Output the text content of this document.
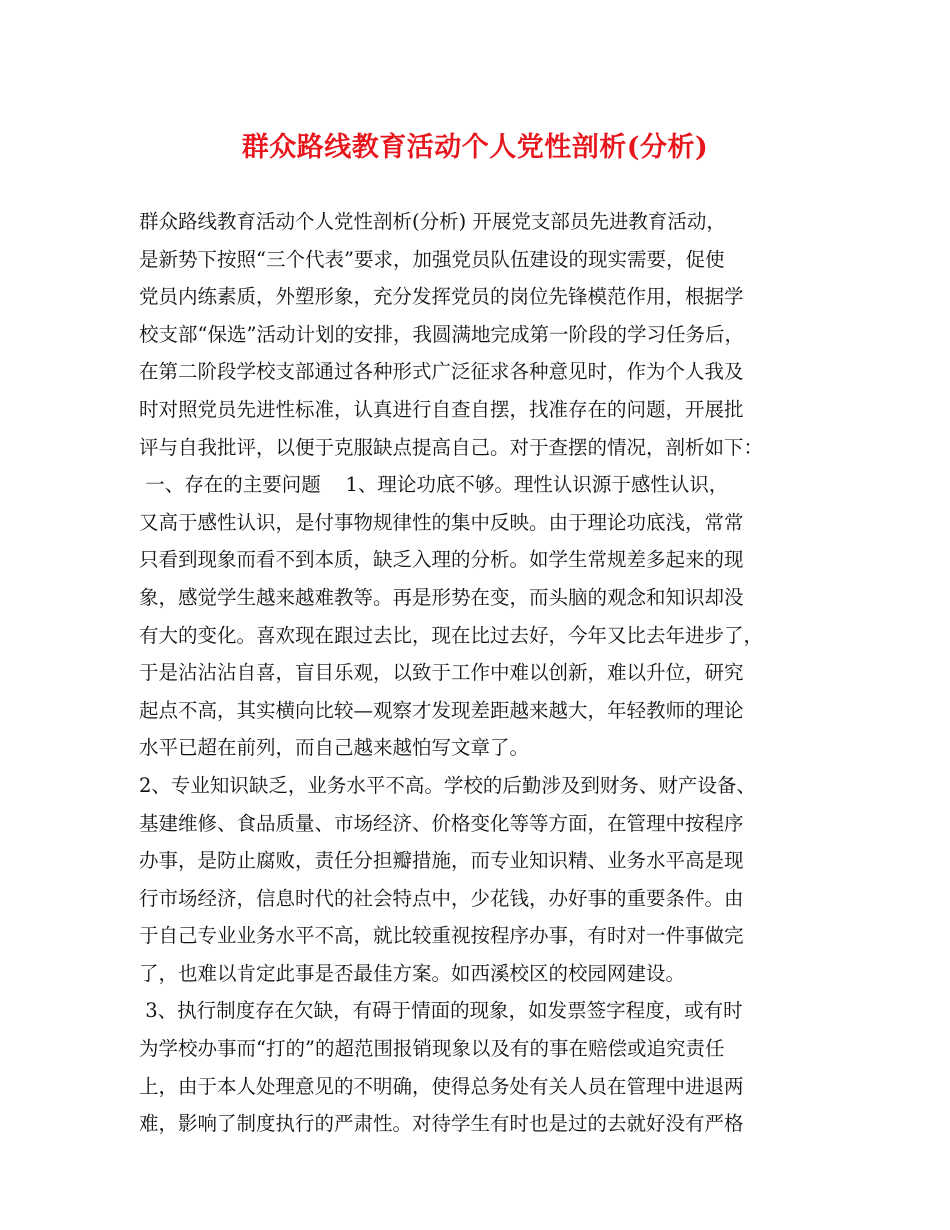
群众路线教育活动个人党性剖析(分析)
群众路线教育活动个人党性剖析(分析) 开展党支部员先进教育活动，
是新势下按照“三个代表”要求，加强党员队伍建设的现实需要，促使
党员内练素质，外塑形象，充分发挥党员的岗位先锋模范作用，根据学
校支部“保选”活动计划的安排，我圆满地完成第一阶段的学习任务后，
在第二阶段学校支部通过各种形式广泛征求各种意见时，作为个人我及
时对照党员先进性标准，认真进行自查自摆，找准存在的问题，开展批
评与自我批评，以便于克服缺点提高自己。对于查摆的情况，剖析如下：
一、存在的主要问题    1、理论功底不够。理性认识源于感性认识，
又高于感性认识，是付事物规律性的集中反映。由于理论功底浅，常常
只看到现象而看不到本质，缺乏入理的分析。如学生常规差多起来的现
象，感觉学生越来越难教等。再是形势在变，而头脑的观念和知识却没
有大的变化。喜欢现在跟过去比，现在比过去好，今年又比去年进步了，
于是沾沾沾自喜，盲目乐观，以致于工作中难以创新，难以升位，研究
起点不高，其实横向比较—观察才发现差距越来越大，年轻教师的理论
水平已超在前列，而自己越来越怕写文章了。
2、专业知识缺乏，业务水平不高。学校的后勤涉及到财务、财产设备、
基建维修、食品质量、市场经济、价格变化等等方面，在管理中按程序
办事，是防止腐败，责任分担瓣措施，而专业知识精、业务水平高是现
行市场经济，信息时代的社会特点中，少花钱，办好事的重要条件。由
于自己专业业务水平不高，就比较重视按程序办事，有时对一件事做完
了，也难以肯定此事是否最佳方案。如西溪校区的校园网建设。
3、执行制度存在欠缺，有碍于情面的现象，如发票签字程度，或有时
为学校办事而“打的”的超范围报销现象以及有的事在赔偿或追究责任
上，由于本人处理意见的不明确，使得总务处有关人员在管理中进退两
难，影响了制度执行的严肃性。对待学生有时也是过的去就好没有严格
